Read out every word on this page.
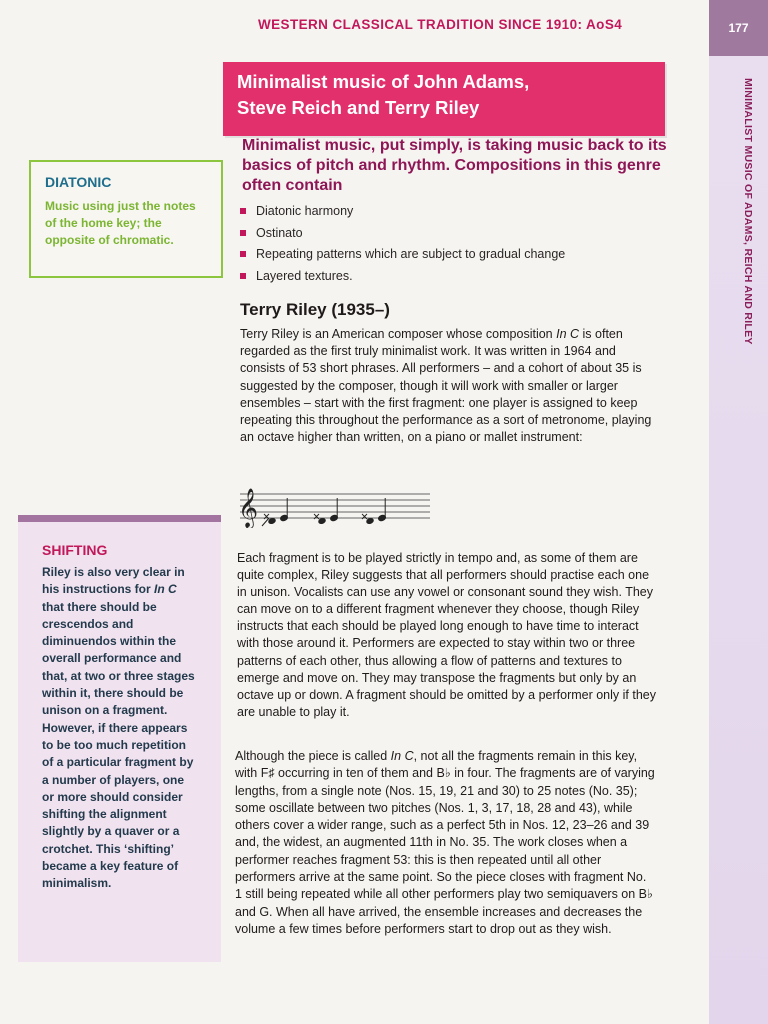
WESTERN CLASSICAL TRADITION SINCE 1910: AoS4	177
MINIMALIST MUSIC OF ADAMS, REICH AND RILEY
Minimalist music of John Adams,
Steve Reich and Terry Riley
Minimalist music, put simply, is taking music back to its basics of pitch and rhythm. Compositions in this genre often contain
Diatonic harmony
Ostinato
Repeating patterns which are subject to gradual change
Layered textures.
DIATONIC
Music using just the notes of the home key; the opposite of chromatic.
Terry Riley (1935–)
Terry Riley is an American composer whose composition In C is often regarded as the first truly minimalist work. It was written in 1964 and consists of 53 short phrases. All performers – and a cohort of about 35 is suggested by the composer, though it will work with smaller or larger ensembles – start with the first fragment: one player is assigned to keep repeating this throughout the performance as a sort of metronome, playing an octave higher than written, on a piano or mallet instrument:
𝄞
Each fragment is to be played strictly in tempo and, as some of them are quite complex, Riley suggests that all performers should practise each one in unison. Vocalists can use any vowel or consonant sound they wish. They can move on to a different fragment whenever they choose, though Riley instructs that each should be played long enough to have time to interact with those around it. Performers are expected to stay within two or three patterns of each other, thus allowing a flow of patterns and textures to emerge and move on. They may transpose the fragments but only by an octave up or down. A fragment should be omitted by a performer only if they are unable to play it.
Although the piece is called In C, not all the fragments remain in this key, with F♯ occurring in ten of them and B♭ in four. The fragments are of varying lengths, from a single note (Nos. 15, 19, 21 and 30) to 25 notes (No. 35); some oscillate between two pitches (Nos. 1, 3, 17, 18, 28 and 43), while others cover a wider range, such as a perfect 5th in Nos. 12, 23–26 and 39 and, the widest, an augmented 11th in No. 35. The work closes when a performer reaches fragment 53: this is then repeated until all other performers arrive at the same point. So the piece closes with fragment No. 1 still being repeated while all other performers play two semiquavers on B♭ and G. When all have arrived, the ensemble increases and decreases the volume a few times before performers start to drop out as they wish.
SHIFTING
Riley is also very clear in his instructions for In C that there should be crescendos and diminuendos within the overall performance and that, at two or three stages within it, there should be unison on a fragment. However, if there appears to be too much repetition of a particular fragment by a number of players, one or more should consider shifting the alignment slightly by a quaver or a crotchet. This ‘shifting’ became a key feature of minimalism.
